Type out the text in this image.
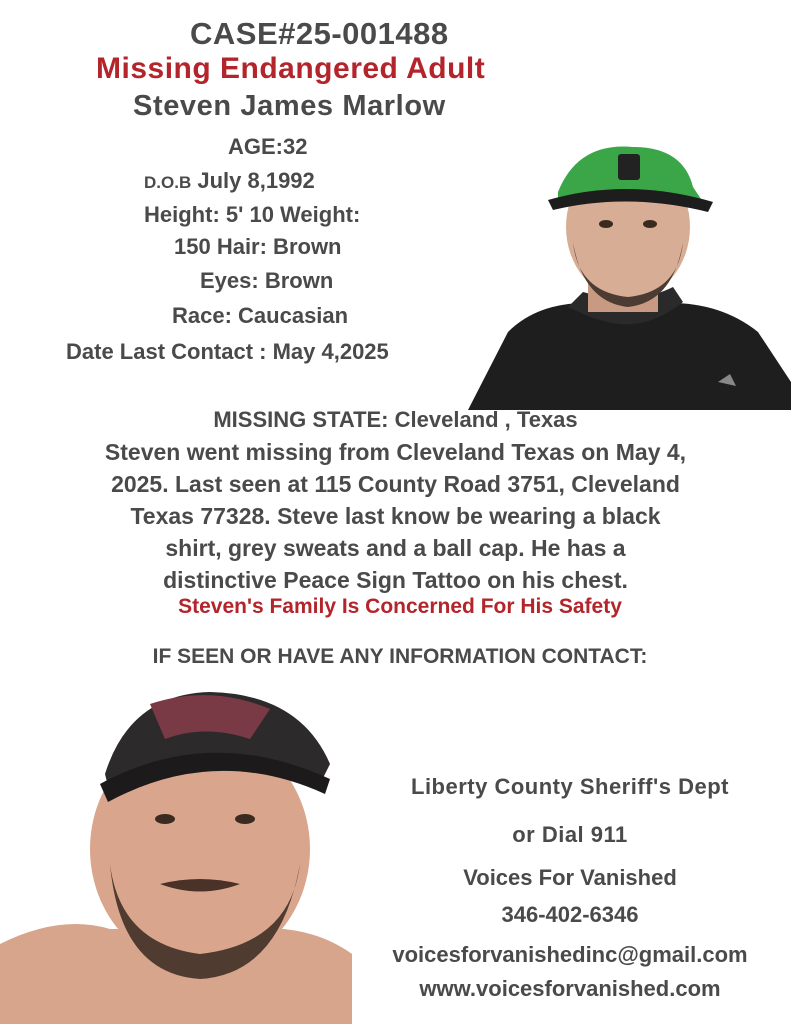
CASE#25-001488
Missing Endangered Adult
Steven James Marlow
AGE:32
D.O.B July 8,1992
Height: 5' 10 Weight:
150 Hair: Brown
Eyes: Brown
Race: Caucasian
Date Last Contact : May 4,2025
MISSING STATE: Cleveland , Texas
Steven went missing from Cleveland Texas on May 4,
2025. Last seen at 115 County Road 3751, Cleveland
Texas 77328. Steve last know be wearing a black
shirt, grey sweats and a ball cap. He has a
distinctive Peace Sign Tattoo on his chest.
Steven's Family Is Concerned For His Safety
IF SEEN OR HAVE ANY INFORMATION CONTACT:
Liberty County Sheriff's Dept
or Dial 911
Voices For Vanished
346-402-6346
voicesforvanishedinc@gmail.com
www.voicesforvanished.com
